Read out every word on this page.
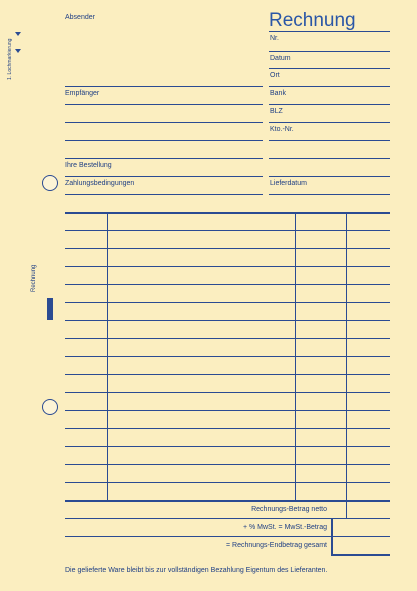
Rechnung
Absender
Empfänger
Ihre Bestellung
Zahlungsbedingungen
Nr.
Datum
Ort
Bank
BLZ
Kto.-Nr.
Lieferdatum
1. Lochmarkierung
Rechnung
Zweckform
Rechnungs-Betrag netto
+ % MwSt. = MwSt.-Betrag
= Rechnungs-Endbetrag gesamt
Die gelieferte Ware bleibt bis zur vollständigen Bezahlung Eigentum des Lieferanten.
